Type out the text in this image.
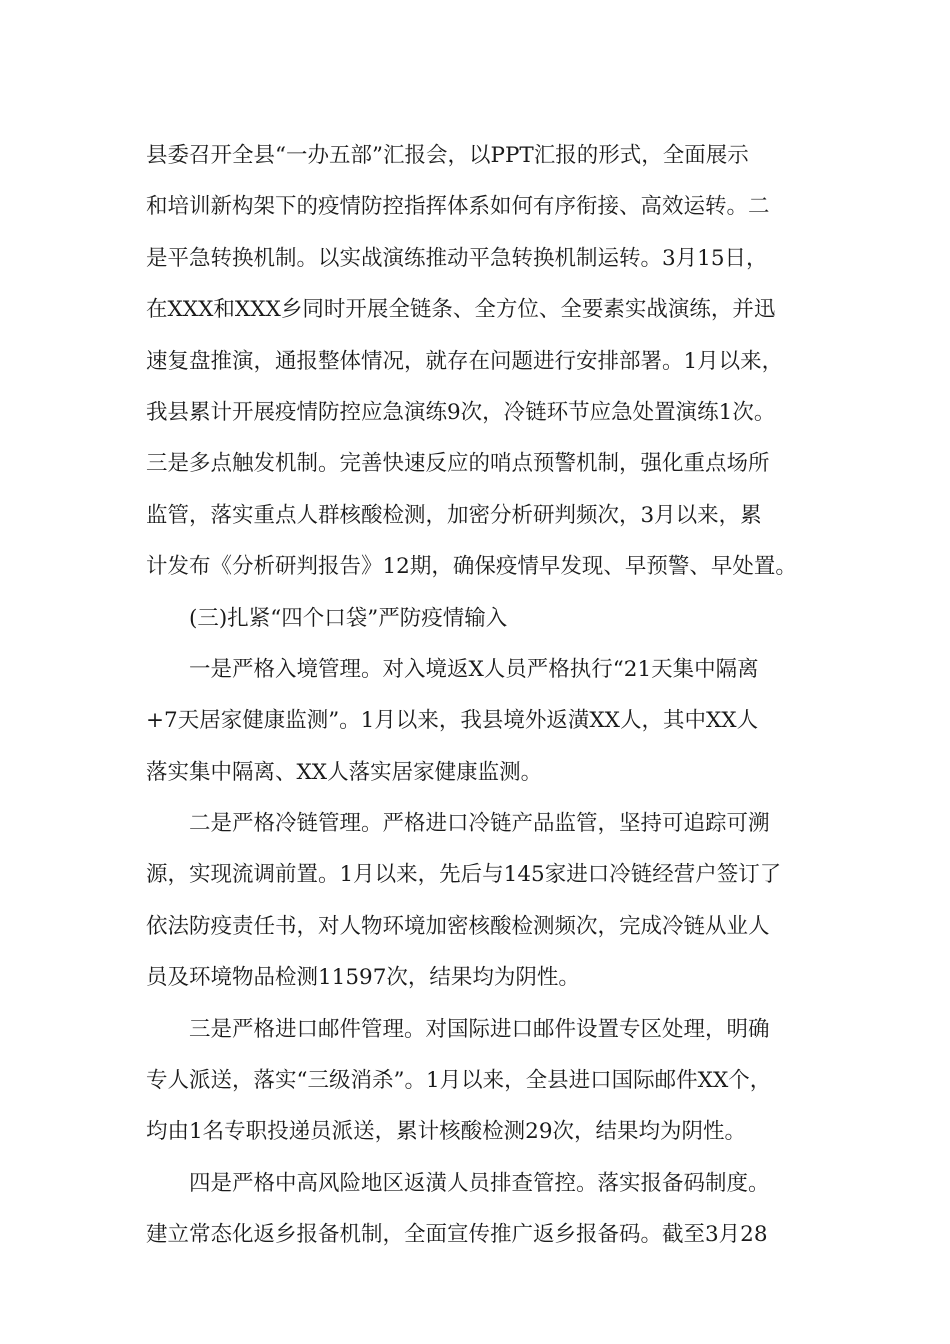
县委召开全县“一办五部”汇报会，以PPT汇报的形式，全面展示
和培训新构架下的疫情防控指挥体系如何有序衔接、高效运转。二
是平急转换机制。以实战演练推动平急转换机制运转。3月15日，
在XXX和XXX乡同时开展全链条、全方位、全要素实战演练，并迅
速复盘推演，通报整体情况，就存在问题进行安排部署。1月以来，
我县累计开展疫情防控应急演练9次，冷链环节应急处置演练1次。
三是多点触发机制。完善快速反应的哨点预警机制，强化重点场所
监管，落实重点人群核酸检测，加密分析研判频次，3月以来，累
计发布《分析研判报告》12期，确保疫情早发现、早预警、早处置。
　　(三)扎紧“四个口袋”严防疫情输入
　　一是严格入境管理。对入境返X人员严格执行“21天集中隔离
+7天居家健康监测”。1月以来，我县境外返潢XX人，其中XX人
落实集中隔离、XX人落实居家健康监测。
　　二是严格冷链管理。严格进口冷链产品监管，坚持可追踪可溯
源，实现流调前置。1月以来，先后与145家进口冷链经营户签订了
依法防疫责任书，对人物环境加密核酸检测频次，完成冷链从业人
员及环境物品检测11597次，结果均为阴性。
　　三是严格进口邮件管理。对国际进口邮件设置专区处理，明确
专人派送，落实“三级消杀”。1月以来，全县进口国际邮件XX个，
均由1名专职投递员派送，累计核酸检测29次，结果均为阴性。
　　四是严格中高风险地区返潢人员排查管控。落实报备码制度。
建立常态化返乡报备机制，全面宣传推广返乡报备码。截至3月28
